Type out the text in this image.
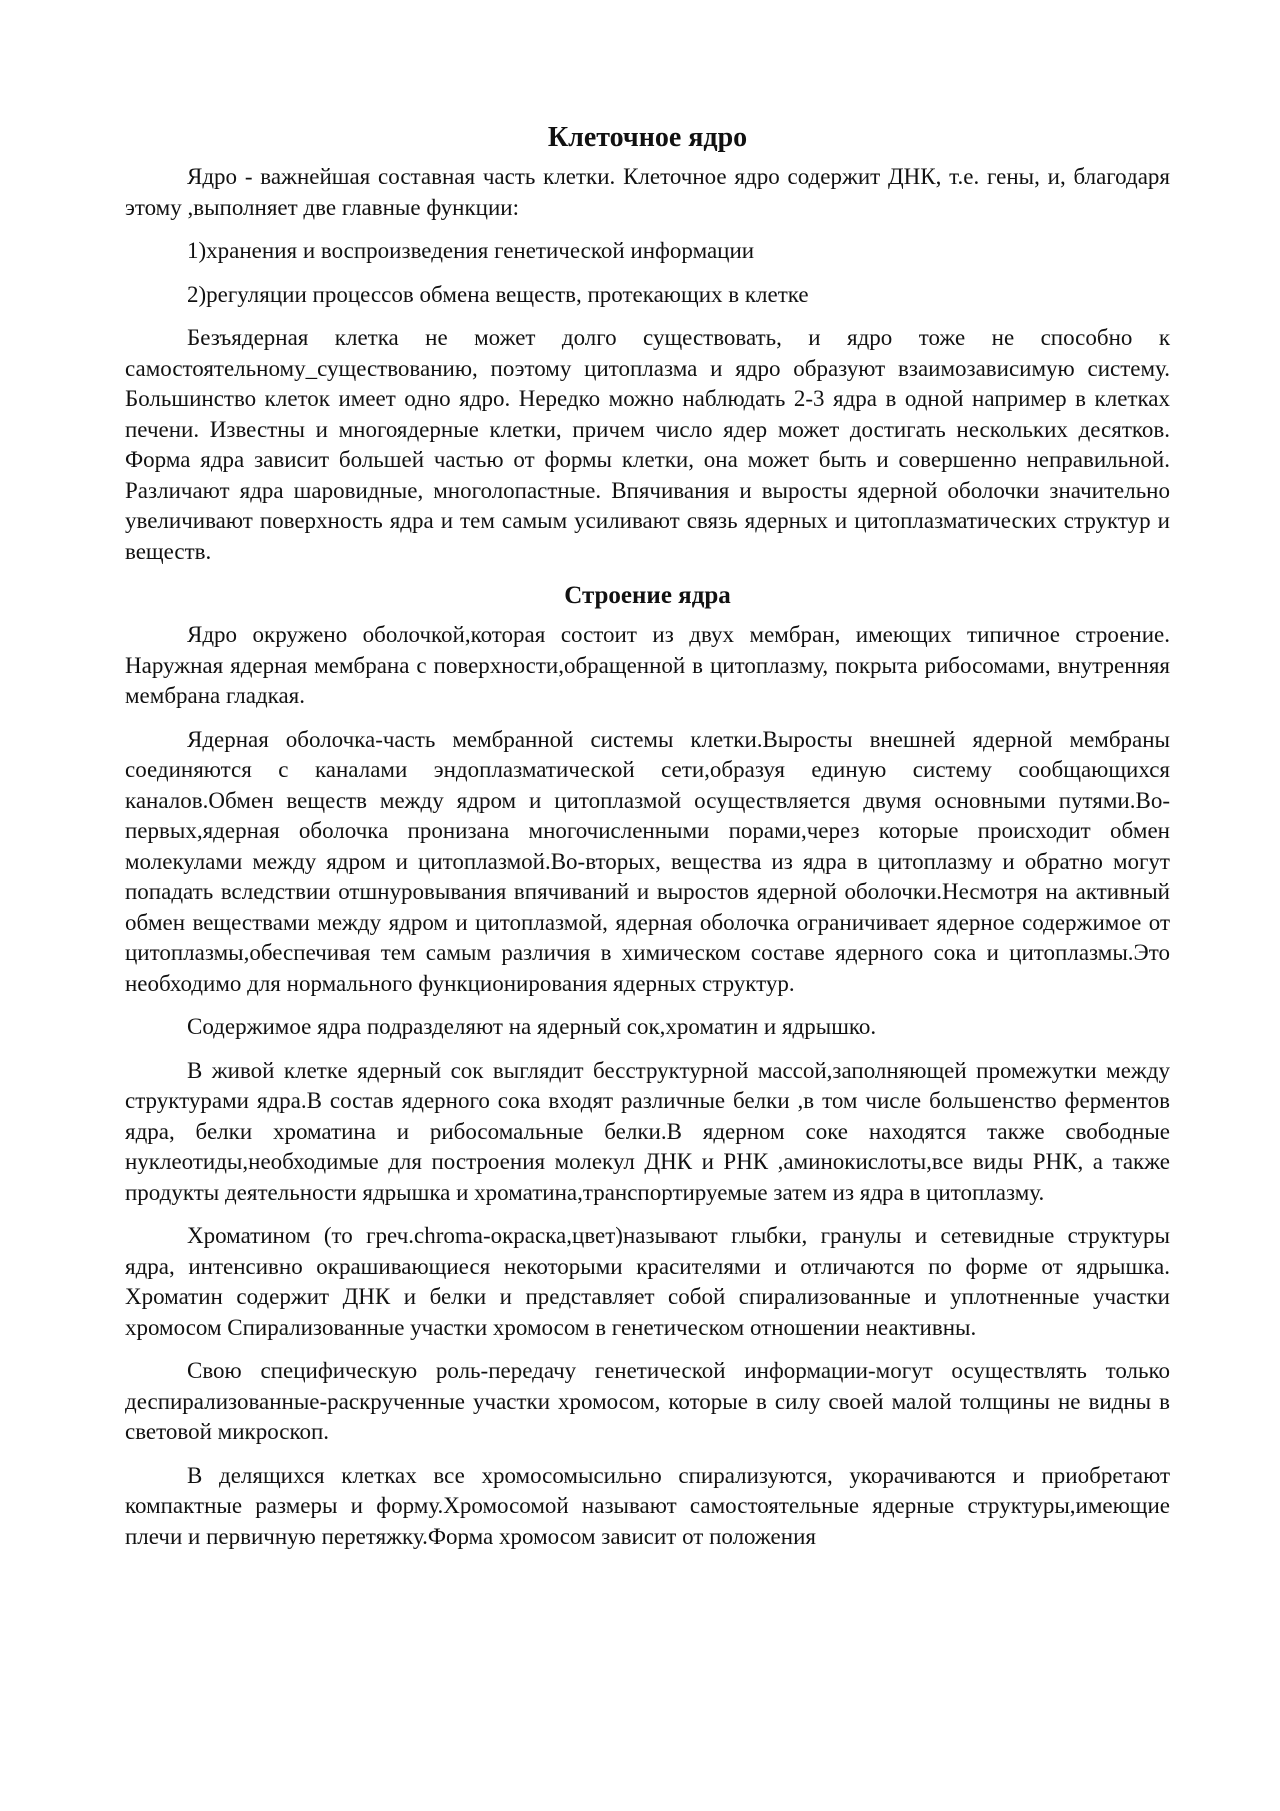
Клеточное ядро

Ядро - важнейшая составная часть клетки. Клеточное ядро содержит ДНК, т.е. гены, и, благодаря этому ,выполняет две главные функции:

1)хранения и воспроизведения генетической информации

2)регуляции процессов обмена веществ, протекающих в клетке

Безъядерная клетка не может долго существовать, и ядро тоже не способно к самостоятельному_существованию, поэтому цитоплазма и ядро образуют взаимозависимую систему. Большинство клеток имеет одно ядро. Нередко можно наблюдать 2-3 ядра в одной например в клетках печени. Известны и многоядерные клетки, причем число ядер может достигать нескольких десятков. Форма ядра зависит большей частью от формы клетки, она может быть и совершенно неправильной. Различают ядра шаровидные, многолопастные. Впячивания и выросты ядерной оболочки значительно увеличивают поверхность ядра и тем самым усиливают связь ядерных и цитоплазматических структур и веществ.

Строение ядра

Ядро окружено оболочкой,которая состоит из двух мембран, имеющих типичное строение. Наружная ядерная мембрана с поверхности,обращенной в цитоплазму, покрыта рибосомами, внутренняя мембрана гладкая.

Ядерная оболочка-часть мембранной системы клетки.Выросты внешней ядерной мембраны соединяются с каналами эндоплазматической сети,образуя единую систему сообщающихся каналов.Обмен веществ между ядром и цитоплазмой осуществляется двумя основными путями.Во-первых,ядерная оболочка пронизана многочисленными порами,через которые происходит обмен молекулами между ядром и цитоплазмой.Во-вторых, вещества из ядра в цитоплазму и обратно могут попадать вследствии отшнуровывания впячиваний и выростов ядерной оболочки.Несмотря на активный обмен веществами между ядром и цитоплазмой, ядерная оболочка ограничивает ядерное содержимое от цитоплазмы,обеспечивая тем самым различия в химическом составе ядерного сока и цитоплазмы.Это необходимо для нормального функционирования ядерных структур.

Содержимое ядра подразделяют на ядерный сок,хроматин и ядрышко.

В живой клетке ядерный сок выглядит бесструктурной массой,заполняющей промежутки между структурами ядра.В состав ядерного сока входят различные белки ,в том числе большенство ферментов ядра, белки хроматина и рибосомальные белки.В ядерном соке находятся также свободные нуклеотиды,необходимые для построения молекул ДНК и РНК ,аминокислоты,все виды РНК, а также продукты деятельности ядрышка и хроматина,транспортируемые затем из ядра в цитоплазму.

Хроматином (то греч.chroma-окраска,цвет)называют глыбки, гранулы и сетевидные структуры ядра, интенсивно окрашивающиеся некоторыми красителями и отличаются по форме от ядрышка. Хроматин содержит ДНК и белки и представляет собой спирализованные и уплотненные участки хромосом Спирализованные участки хромосом в генетическом отношении неактивны.

Свою специфическую роль-передачу генетической информации-могут осуществлять только деспирализованные-раскрученные участки хромосом, которые в силу своей малой толщины не видны в световой микроскоп.

В делящихся клетках все хромосомысильно спирализуются, укорачиваются и приобретают компактные размеры и форму.Хромосомой называют самостоятельные ядерные структуры,имеющие плечи и первичную перетяжку.Форма хромосом зависит от положения
